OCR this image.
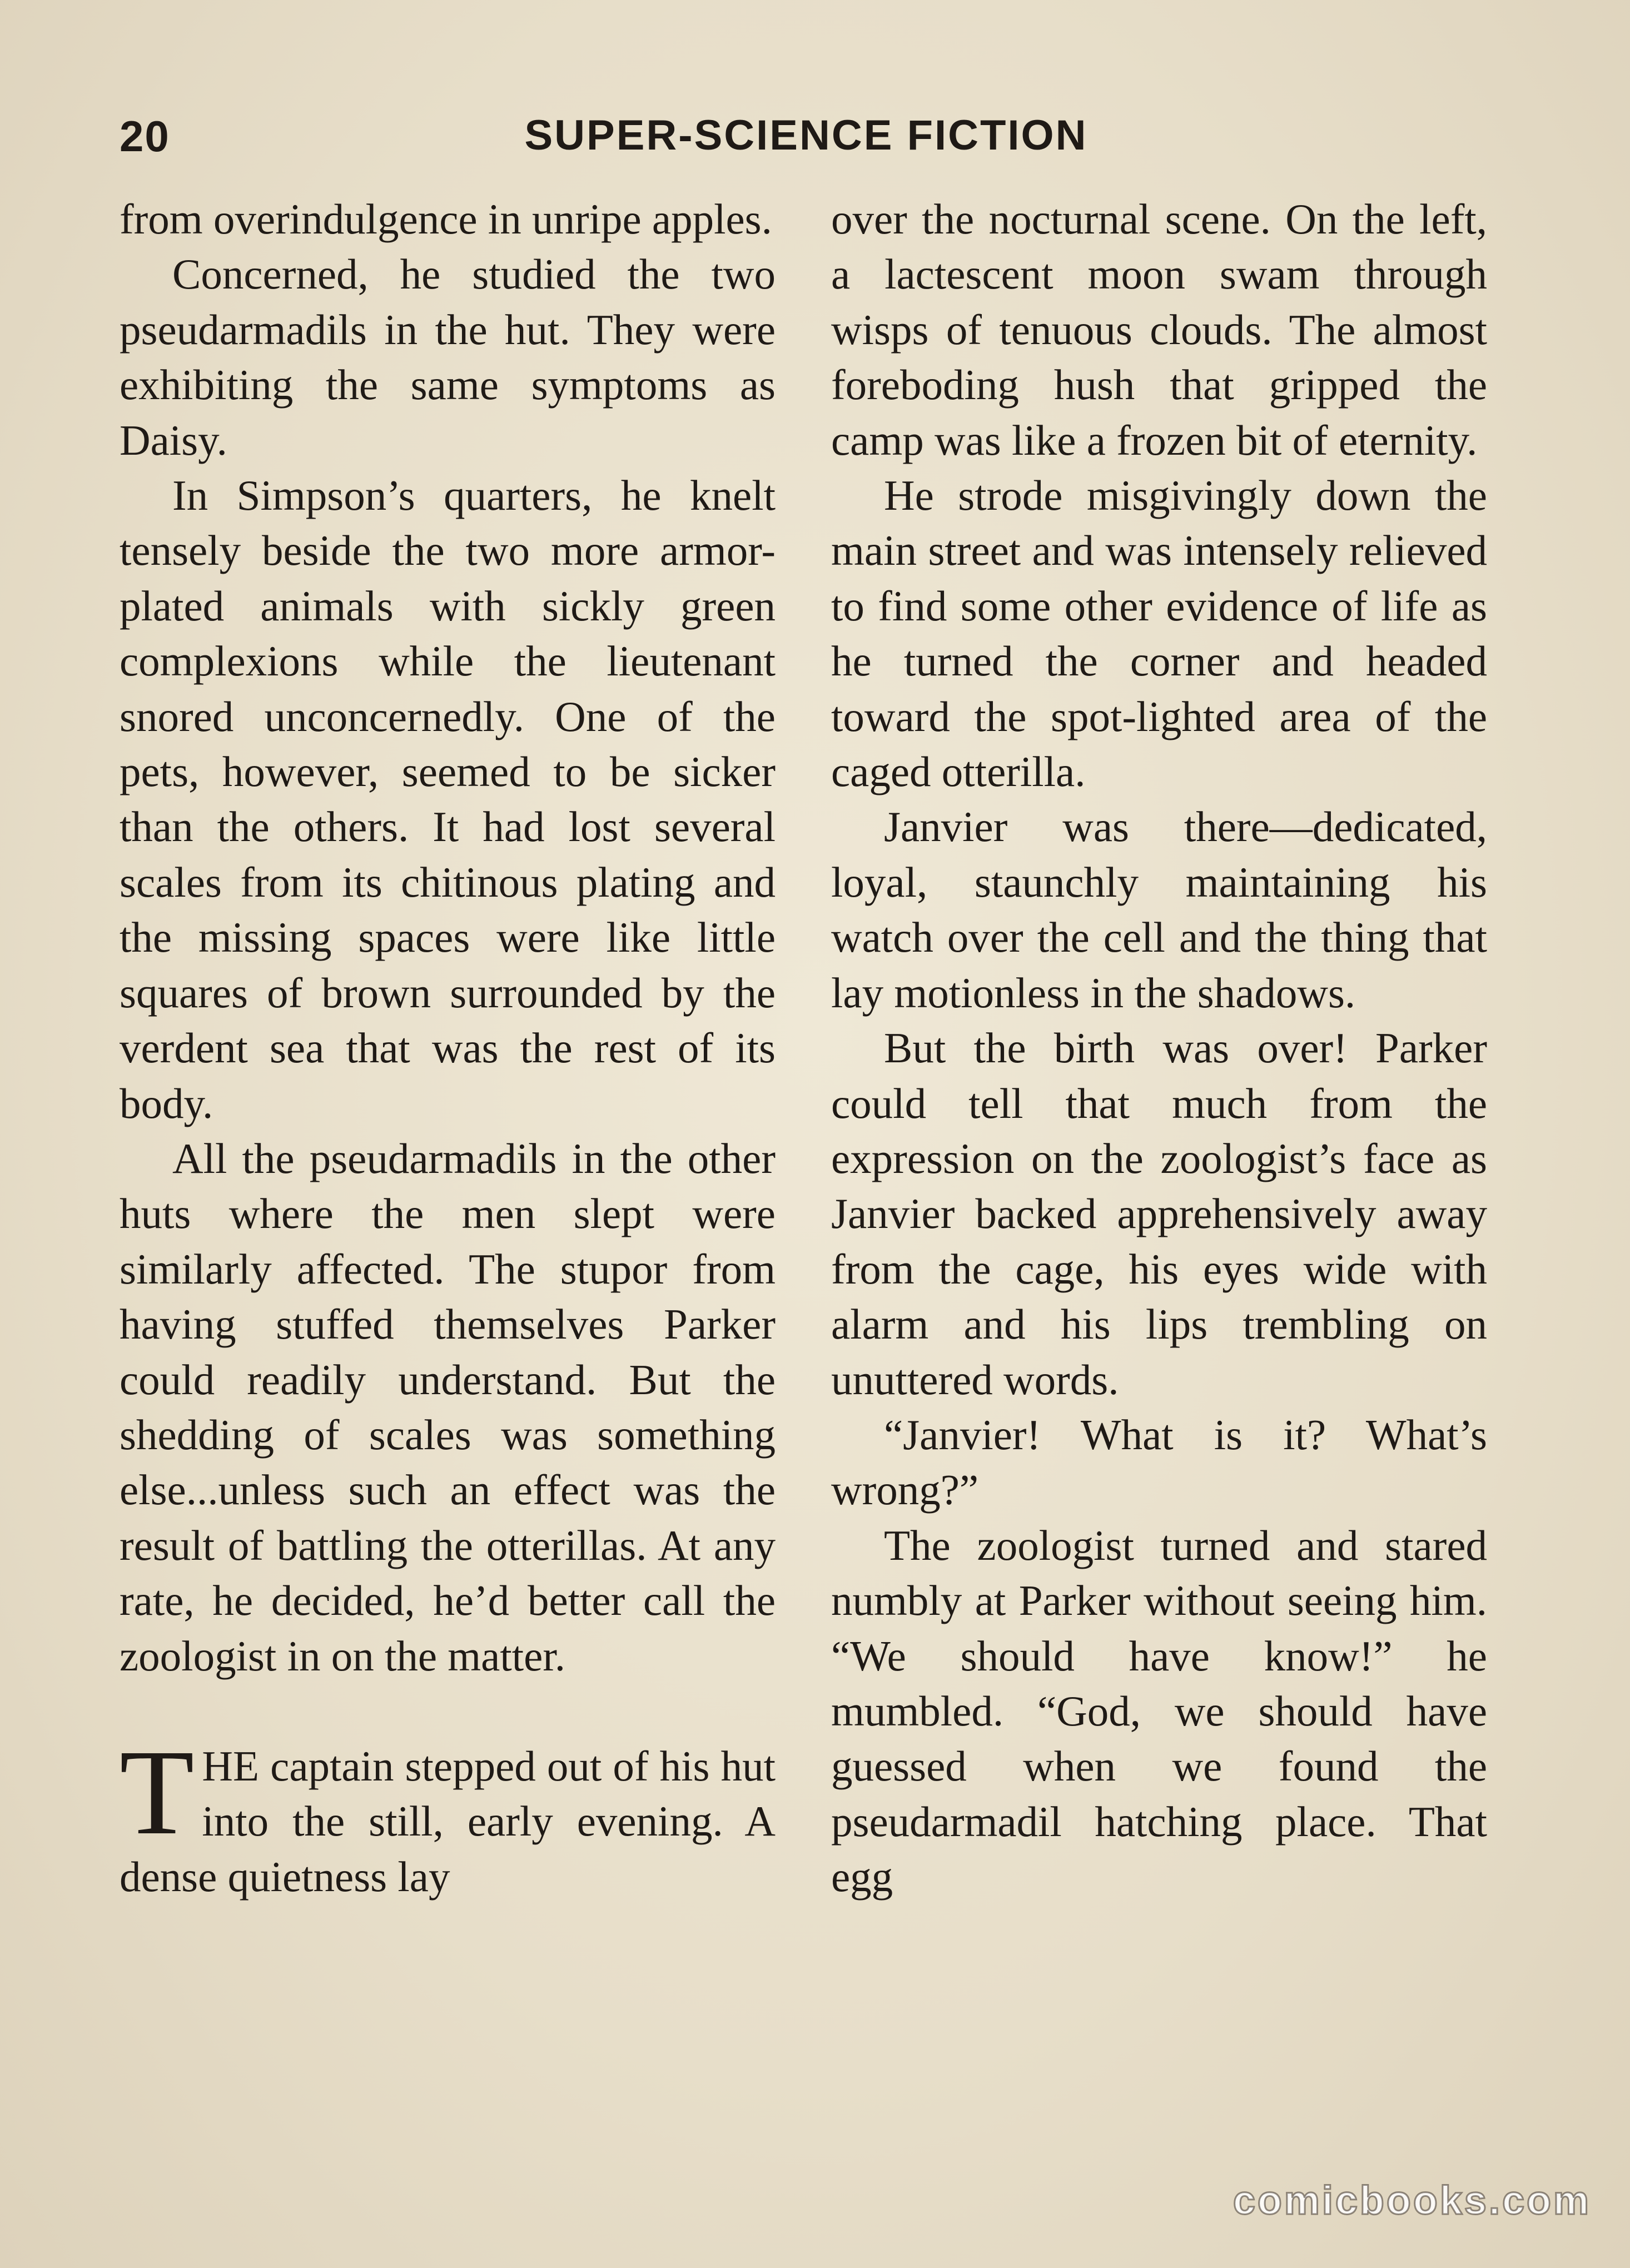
20	SUPER-SCIENCE FICTION

from overindulgence in unripe apples.

Concerned, he studied the two pseudarmadils in the hut. They were exhibiting the same symptoms as Daisy.

In Simpson’s quarters, he knelt tensely beside the two more armor-plated animals with sickly green complexions while the lieutenant snored unconcernedly. One of the pets, however, seemed to be sicker than the others. It had lost several scales from its chitinous plating and the missing spaces were like little squares of brown surrounded by the verdent sea that was the rest of its body.

All the pseudarmadils in the other huts where the men slept were similarly affected. The stupor from having stuffed themselves Parker could readily understand. But the shedding of scales was something else...unless such an effect was the result of battling the otterillas. At any rate, he decided, he’d better call the zoologist in on the matter.

THE captain stepped out of his hut into the still, early evening. A dense quietness lay

over the nocturnal scene. On the left, a lactescent moon swam through wisps of tenuous clouds. The almost foreboding hush that gripped the camp was like a frozen bit of eternity.

He strode misgivingly down the main street and was intensely relieved to find some other evidence of life as he turned the corner and headed toward the spot-lighted area of the caged otterilla.

Janvier was there—dedicated, loyal, staunchly maintaining his watch over the cell and the thing that lay motionless in the shadows.

But the birth was over! Parker could tell that much from the expression on the zoologist’s face as Janvier backed apprehensively away from the cage, his eyes wide with alarm and his lips trembling on unuttered words.

“Janvier! What is it? What’s wrong?”

The zoologist turned and stared numbly at Parker without seeing him. “We should have know!” he mumbled. “God, we should have guessed when we found the pseudarmadil hatching place. That egg

comicbooks.com
